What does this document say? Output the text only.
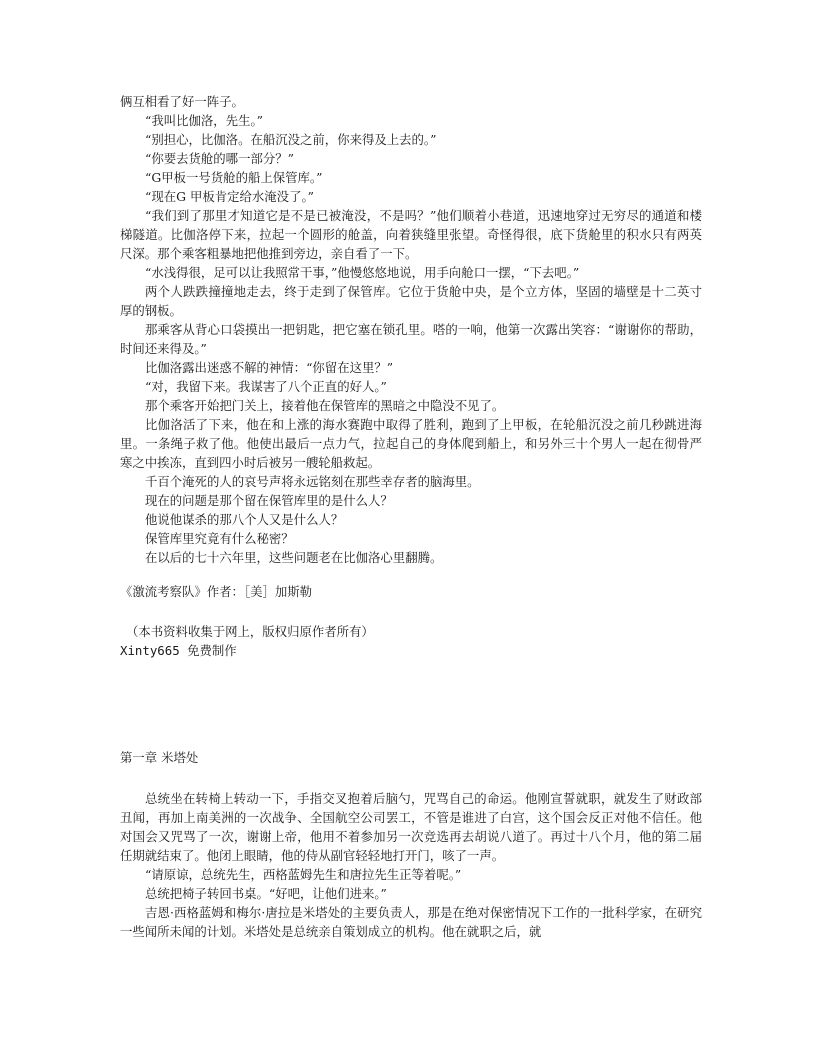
俩互相看了好一阵子。

“我叫比伽洛，先生。”

“别担心，比伽洛。在船沉没之前，你来得及上去的。”

“你要去货舱的哪一部分？”

“G甲板一号货舱的船上保管库。”

“现在G 甲板肯定给水淹没了。”

“我们到了那里才知道它是不是已被淹没，不是吗？”他们顺着小巷道，迅速地穿过无穷尽的通道和楼梯隧道。比伽洛停下来，拉起一个圆形的舱盖，向着狭缝里张望。奇怪得很，底下货舱里的积水只有两英尺深。那个乘客粗暴地把他推到旁边，亲自看了一下。

“水浅得很，足可以让我照常干事，”他慢悠悠地说，用手向舱口一摆，“下去吧。”

两个人跌跌撞撞地走去，终于走到了保管库。它位于货舱中央，是个立方体，坚固的墙壁是十二英寸厚的钢板。

那乘客从背心口袋摸出一把钥匙，把它塞在锁孔里。嗒的一响，他第一次露出笑容：“谢谢你的帮助，时间还来得及。”

比伽洛露出迷惑不解的神情：“你留在这里？”

“对，我留下来。我谋害了八个正直的好人。”

那个乘客开始把门关上，接着他在保管库的黑暗之中隐没不见了。

比伽洛活了下来，他在和上涨的海水赛跑中取得了胜利，跑到了上甲板，在轮船沉没之前几秒跳进海里。一条绳子救了他。他使出最后一点力气，拉起自己的身体爬到船上，和另外三十个男人一起在彻骨严寒之中挨冻，直到四小时后被另一艘轮船救起。

千百个淹死的人的哀号声将永远铭刻在那些幸存者的脑海里。

现在的问题是那个留在保管库里的是什么人？

他说他谋杀的那八个人又是什么人？

保管库里究竟有什么秘密？

在以后的七十六年里，这些问题老在比伽洛心里翻腾。

《激流考察队》作者：［美］加斯勒

（本书资料收集于网上，版权归原作者所有）

Xinty665 免费制作

第一章 米塔处

总统坐在转椅上转动一下，手指交叉抱着后脑勺，咒骂自己的命运。他刚宣誓就职，就发生了财政部丑闻，再加上南美洲的一次战争、全国航空公司罢工，不管是谁进了白宫，这个国会反正对他不信任。他对国会又咒骂了一次，谢谢上帝，他用不着参加另一次竞选再去胡说八道了。再过十八个月，他的第二届任期就结束了。他闭上眼睛，他的侍从副官轻轻地打开门，咳了一声。

“请原谅，总统先生，西格蓝姆先生和唐拉先生正等着呢。”

总统把椅子转回书桌。“好吧，让他们进来。”

吉恩·西格蓝姆和梅尔·唐拉是米塔处的主要负责人，那是在绝对保密情况下工作的一批科学家，在研究一些闻所未闻的计划。米塔处是总统亲自策划成立的机构。他在就职之后，就
